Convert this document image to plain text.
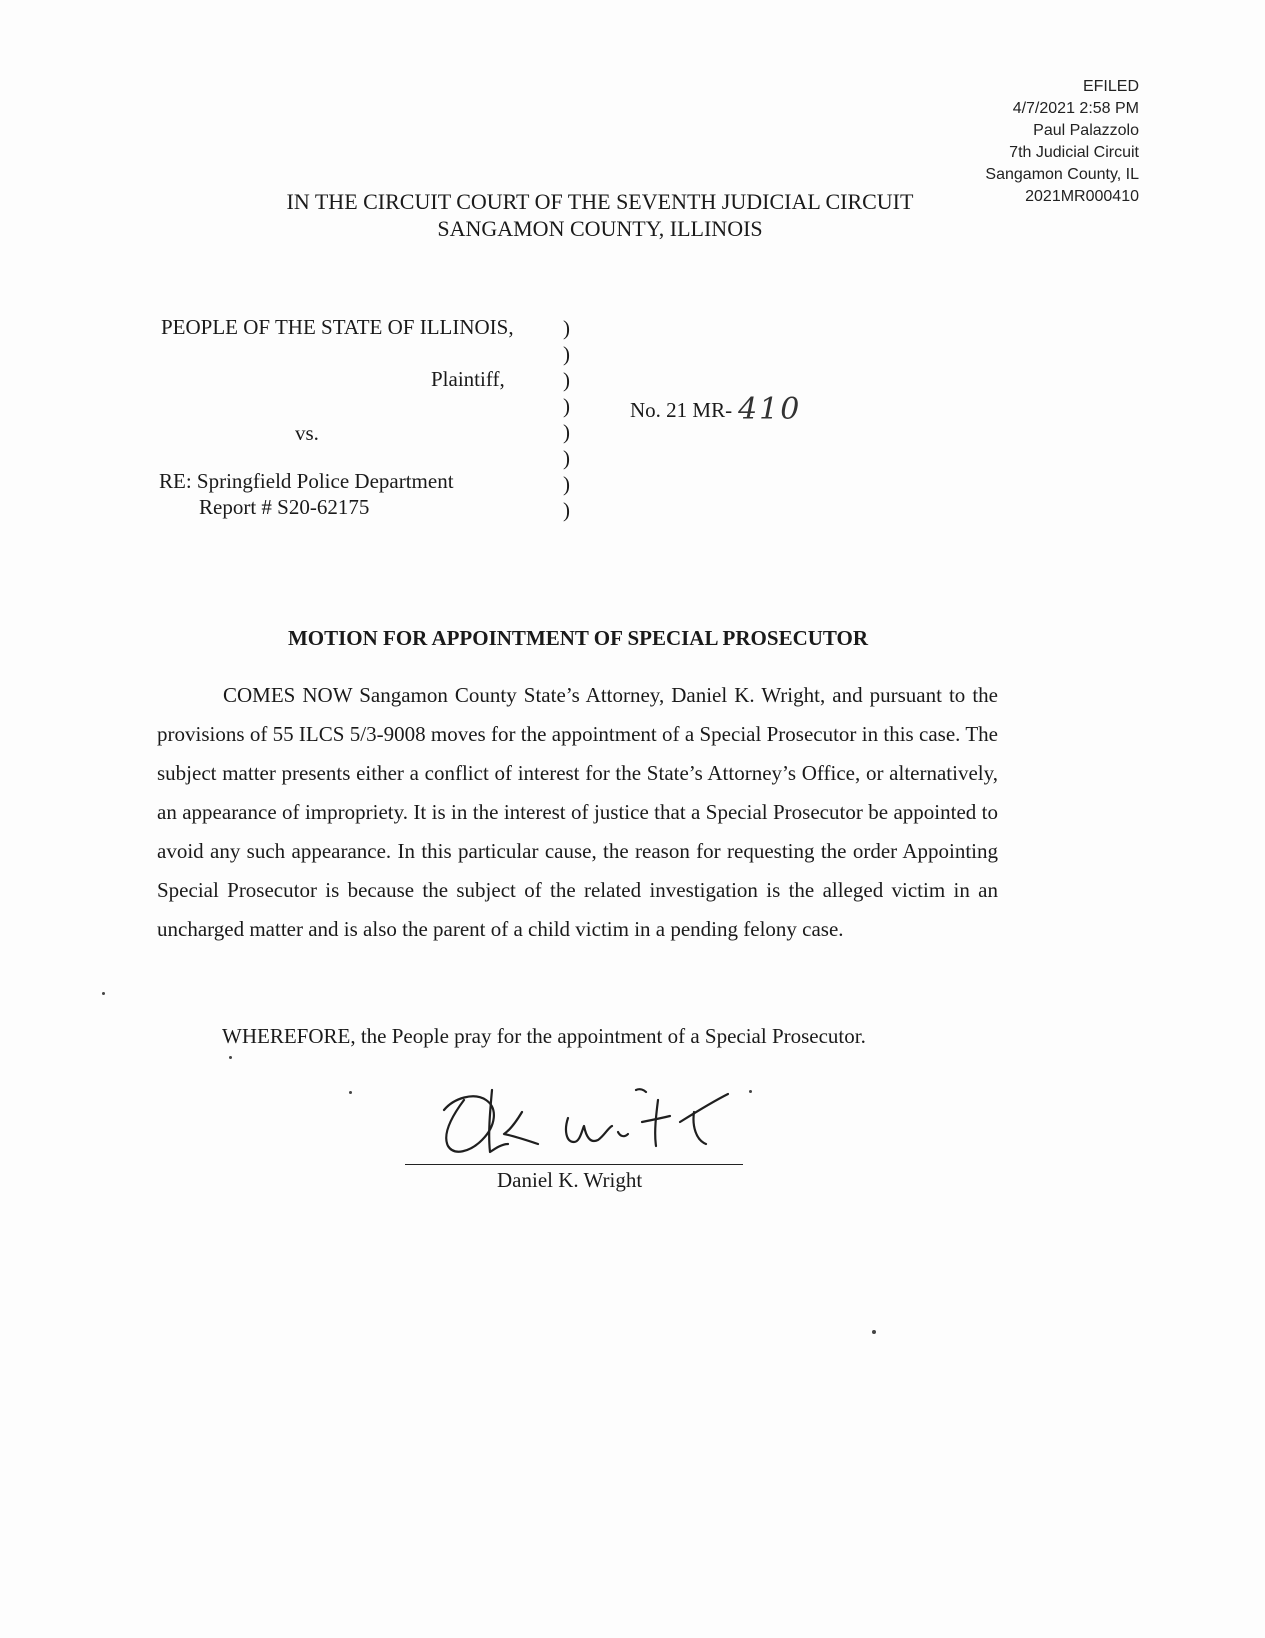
EFILED
4/7/2021 2:58 PM
Paul Palazzolo
7th Judicial Circuit
Sangamon County, IL
2021MR000410
IN THE CIRCUIT COURT OF THE SEVENTH JUDICIAL CIRCUIT
SANGAMON COUNTY, ILLINOIS
PEOPLE OF THE STATE OF ILLINOIS,
Plaintiff,
vs.
RE: Springfield Police Department
Report # S20-62175
)
)
)
)
)
)
)
)
No. 21 MR- 410
MOTION FOR APPOINTMENT OF SPECIAL PROSECUTOR

COMES NOW Sangamon County State’s Attorney, Daniel K. Wright, and pursuant to the provisions of 55 ILCS 5/3-9008 moves for the appointment of a Special Prosecutor in this case. The subject matter presents either a conflict of interest for the State’s Attorney’s Office, or alternatively, an appearance of impropriety. It is in the interest of justice that a Special Prosecutor be appointed to avoid any such appearance. In this particular cause, the reason for requesting the order Appointing Special Prosecutor is because the subject of the related investigation is the alleged victim in an uncharged matter and is also the parent of a child victim in a pending felony case.

WHEREFORE, the People pray for the appointment of a Special Prosecutor.
Daniel K. Wright
